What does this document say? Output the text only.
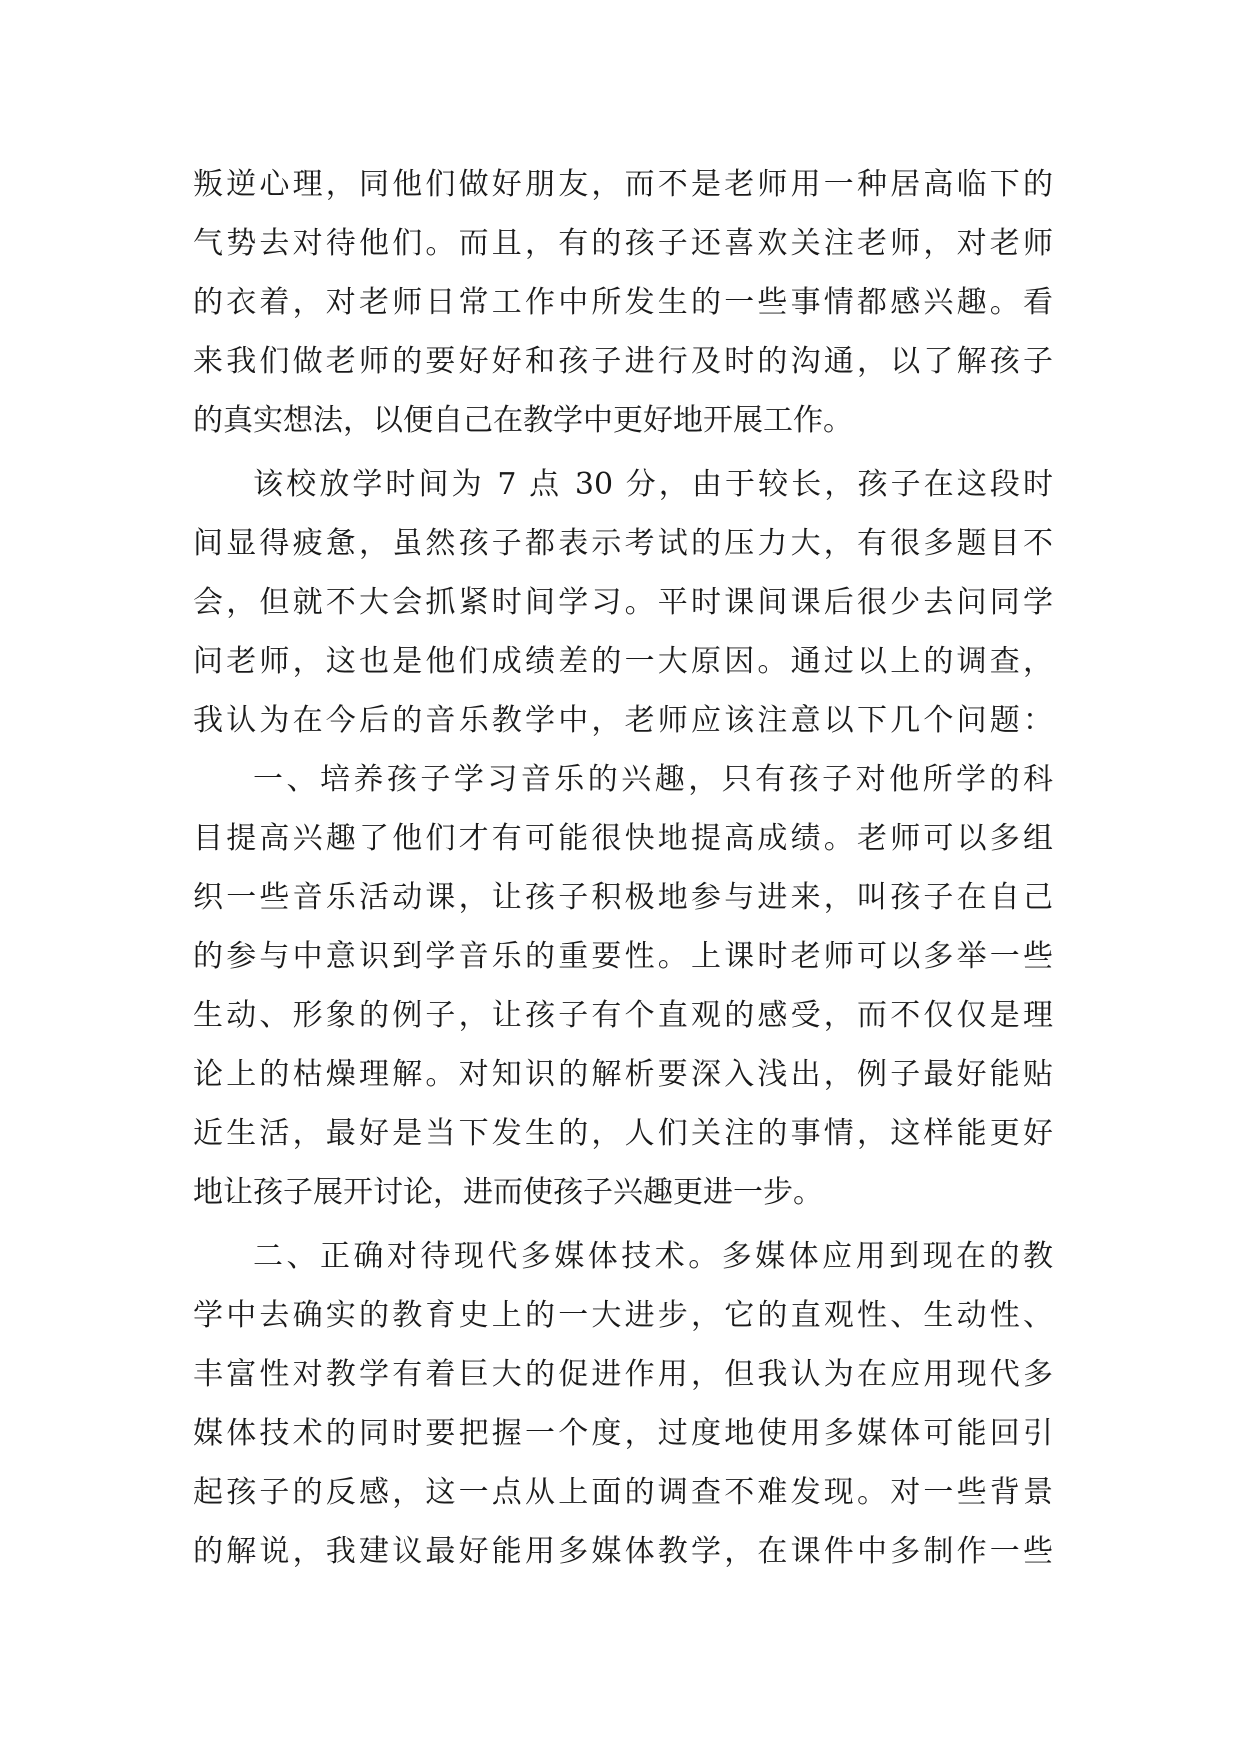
叛逆心理，同他们做好朋友，而不是老师用一种居高临下的
气势去对待他们。而且，有的孩子还喜欢关注老师，对老师
的衣着，对老师日常工作中所发生的一些事情都感兴趣。看
来我们做老师的要好好和孩子进行及时的沟通，以了解孩子
的真实想法，以便自己在教学中更好地开展工作。
该校放学时间为 7 点 30 分，由于较长，孩子在这段时
间显得疲惫，虽然孩子都表示考试的压力大，有很多题目不
会，但就不大会抓紧时间学习。平时课间课后很少去问同学
问老师，这也是他们成绩差的一大原因。通过以上的调查，
我认为在今后的音乐教学中，老师应该注意以下几个问题：
一、培养孩子学习音乐的兴趣，只有孩子对他所学的科
目提高兴趣了他们才有可能很快地提高成绩。老师可以多组
织一些音乐活动课，让孩子积极地参与进来，叫孩子在自己
的参与中意识到学音乐的重要性。上课时老师可以多举一些
生动、形象的例子，让孩子有个直观的感受，而不仅仅是理
论上的枯燥理解。对知识的解析要深入浅出，例子最好能贴
近生活，最好是当下发生的，人们关注的事情，这样能更好
地让孩子展开讨论，进而使孩子兴趣更进一步。
二、正确对待现代多媒体技术。多媒体应用到现在的教
学中去确实的教育史上的一大进步，它的直观性、生动性、
丰富性对教学有着巨大的促进作用，但我认为在应用现代多
媒体技术的同时要把握一个度，过度地使用多媒体可能回引
起孩子的反感，这一点从上面的调查不难发现。对一些背景
的解说，我建议最好能用多媒体教学，在课件中多制作一些
